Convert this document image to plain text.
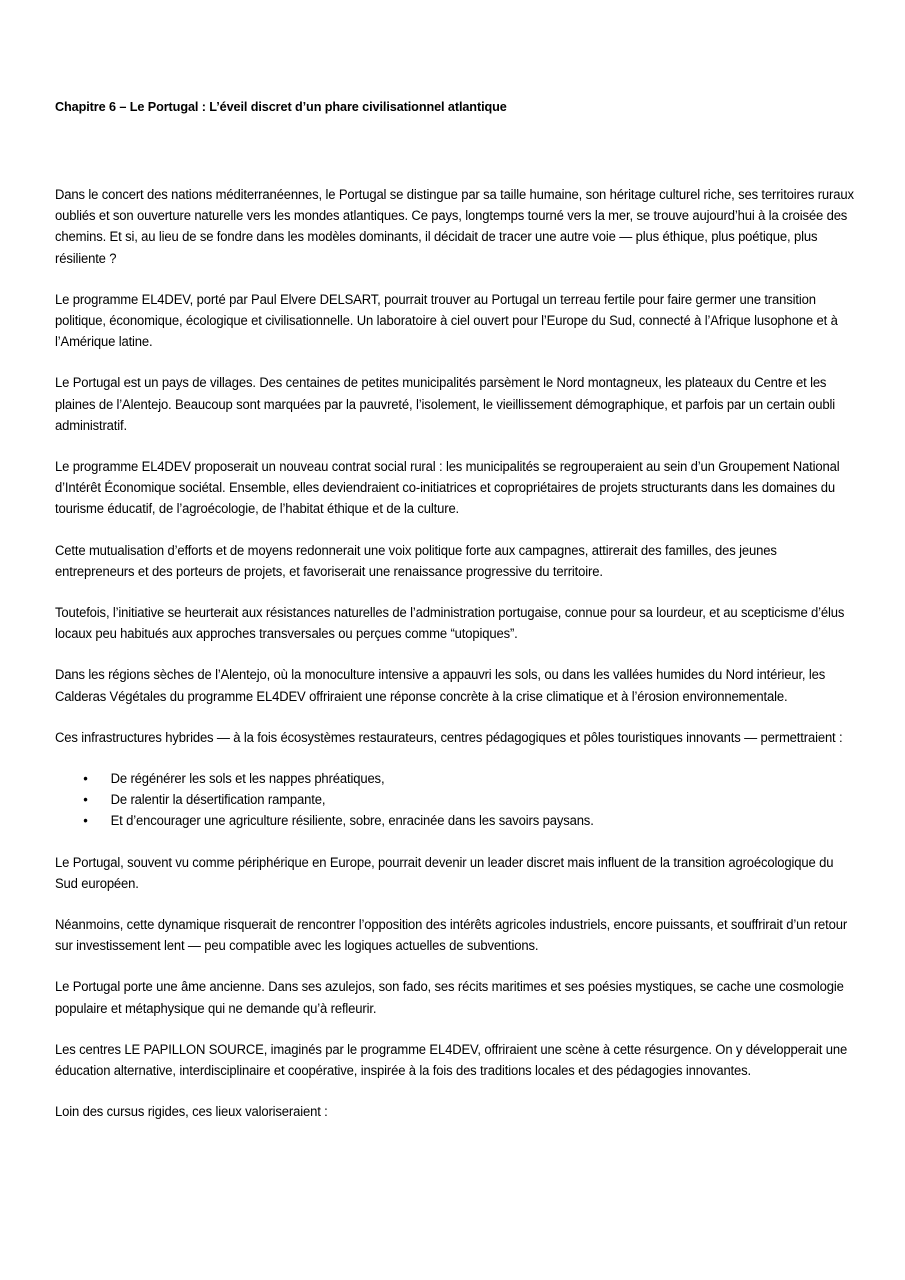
Chapitre 6 – Le Portugal : L’éveil discret d’un phare civilisationnel atlantique

Dans le concert des nations méditerranéennes, le Portugal se distingue par sa taille humaine, son héritage culturel riche, ses territoires ruraux oubliés et son ouverture naturelle vers les mondes atlantiques. Ce pays, longtemps tourné vers la mer, se trouve aujourd’hui à la croisée des chemins. Et si, au lieu de se fondre dans les modèles dominants, il décidait de tracer une autre voie — plus éthique, plus poétique, plus résiliente ?

Le programme EL4DEV, porté par Paul Elvere DELSART, pourrait trouver au Portugal un terreau fertile pour faire germer une transition politique, économique, écologique et civilisationnelle. Un laboratoire à ciel ouvert pour l’Europe du Sud, connecté à l’Afrique lusophone et à l’Amérique latine.

Le Portugal est un pays de villages. Des centaines de petites municipalités parsèment le Nord montagneux, les plateaux du Centre et les plaines de l’Alentejo. Beaucoup sont marquées par la pauvreté, l’isolement, le vieillissement démographique, et parfois par un certain oubli administratif.

Le programme EL4DEV proposerait un nouveau contrat social rural : les municipalités se regrouperaient au sein d’un Groupement National d’Intérêt Économique sociétal. Ensemble, elles deviendraient co-initiatrices et copropriétaires de projets structurants dans les domaines du tourisme éducatif, de l’agroécologie, de l’habitat éthique et de la culture.

Cette mutualisation d’efforts et de moyens redonnerait une voix politique forte aux campagnes, attirerait des familles, des jeunes entrepreneurs et des porteurs de projets, et favoriserait une renaissance progressive du territoire.

Toutefois, l’initiative se heurterait aux résistances naturelles de l’administration portugaise, connue pour sa lourdeur, et au scepticisme d’élus locaux peu habitués aux approches transversales ou perçues comme “utopiques”.

Dans les régions sèches de l’Alentejo, où la monoculture intensive a appauvri les sols, ou dans les vallées humides du Nord intérieur, les Calderas Végétales du programme EL4DEV offriraient une réponse concrète à la crise climatique et à l’érosion environnementale.

Ces infrastructures hybrides — à la fois écosystèmes restaurateurs, centres pédagogiques et pôles touristiques innovants — permettraient :

• De régénérer les sols et les nappes phréatiques,
• De ralentir la désertification rampante,
• Et d’encourager une agriculture résiliente, sobre, enracinée dans les savoirs paysans.

Le Portugal, souvent vu comme périphérique en Europe, pourrait devenir un leader discret mais influent de la transition agroécologique du Sud européen.

Néanmoins, cette dynamique risquerait de rencontrer l’opposition des intérêts agricoles industriels, encore puissants, et souffrirait d’un retour sur investissement lent — peu compatible avec les logiques actuelles de subventions.

Le Portugal porte une âme ancienne. Dans ses azulejos, son fado, ses récits maritimes et ses poésies mystiques, se cache une cosmologie populaire et métaphysique qui ne demande qu’à refleurir.

Les centres LE PAPILLON SOURCE, imaginés par le programme EL4DEV, offriraient une scène à cette résurgence. On y développerait une éducation alternative, interdisciplinaire et coopérative, inspirée à la fois des traditions locales et des pédagogies innovantes.

Loin des cursus rigides, ces lieux valoriseraient :
